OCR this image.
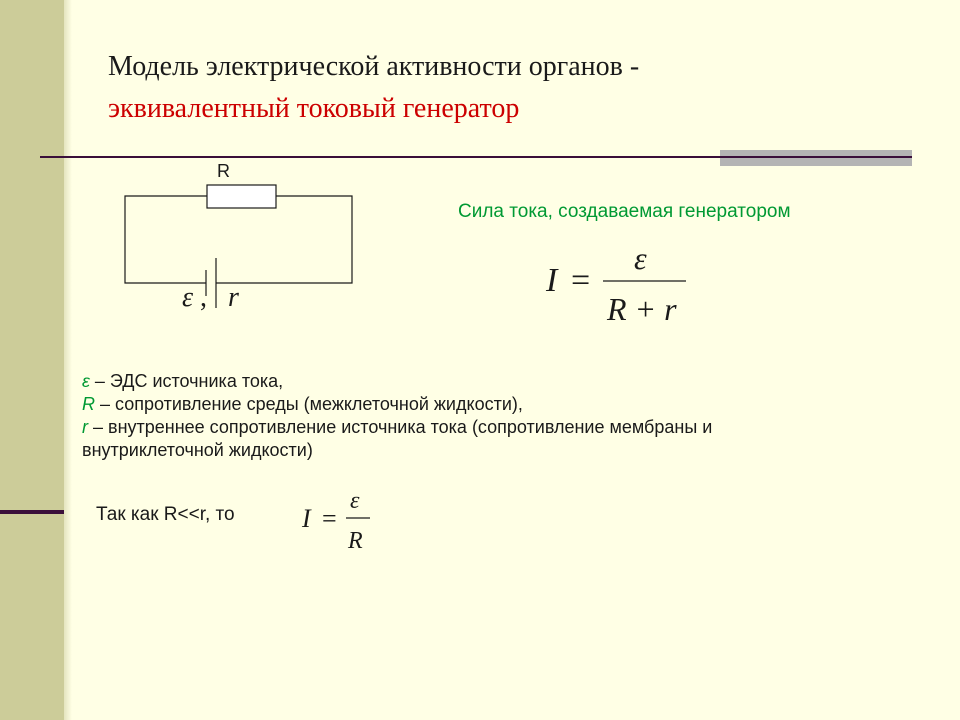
Модель электрической активности органов -
эквивалентный токовый генератор
R
ε , r
Сила тока, создаваемая генератором
I =
ε
R + r
ε – ЭДС источника тока,
R – сопротивление среды (межклеточной жидкости),
r – внутреннее сопротивление источника тока (сопротивление мембраны и
внутриклеточной жидкости)
Так как R<<r, то	I =
ε
R
